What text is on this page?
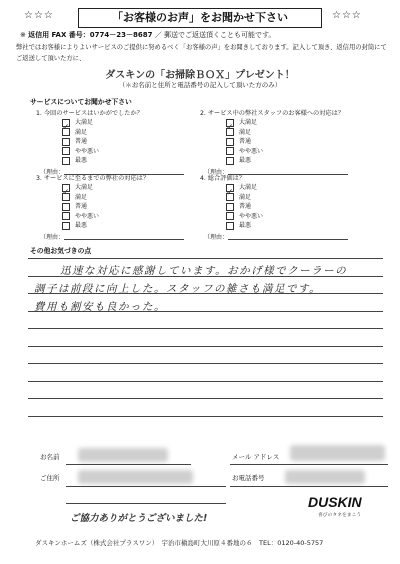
☆☆☆	「お客様のお声」をお聞かせ下さい	☆☆☆
※ 返信用 FAX 番号：0774－23－8687 ／ 郵送でご返送頂くことも可能です。
弊社ではお客様によりよいサービスのご提供に努めるべく「お客様の声」をお聞きしております。記入して頂き、返信用の封筒にてご返送して頂いた方に、
ダスキンの「お掃除ＢＯＸ」プレゼント！
（＊お名前と住所と電話番号の記入して頂いた方のみ）
サービスについてお聞かせ下さい
1. 今回のサービスはいかがでしたか？
大満足
✓満足
普通
やや悪い
最悪
（理由：
2. サービス中の弊社スタッフのお客様への対応は？
大満足
✓満足
普通
やや悪い
最悪
（理由：
3. サービスに至るまでの弊社の対応は？
大満足
✓満足
普通
やや悪い
最悪
（理由：
4. 総合評価は？
大満足
✓満足
普通
やや悪い
最悪
（理由：
その他お気づきの点
迅速な対応に感謝しています。おかげ様でクーラーの
調子は前段に向上した。スタッフの雑さも満足です。
費用も割安も良かった。
お名前	メール アドレス
ご住所	お電話番号
DUSKIN
喜びのタネをまこう
ご協力ありがとうございました!
ダスキンホームズ（株式会社プラスワン）　宇治市槇島町大川原４番地の６　TEL：0120-40-5757
